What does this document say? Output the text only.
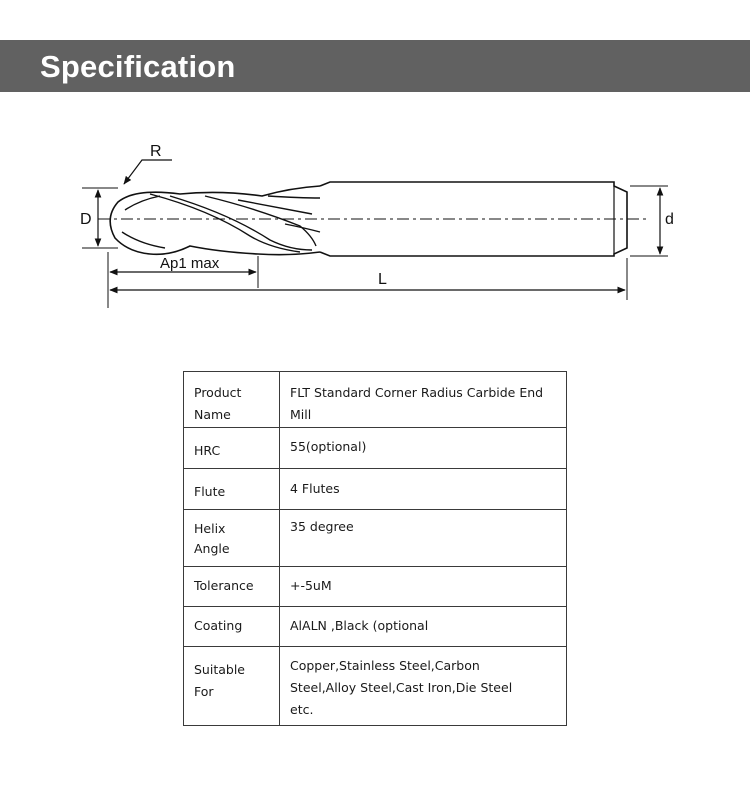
Specification
D	d
R
Ap1 max
L
Product
Name	FLT Standard Corner Radius Carbide End
Mill

HRC	55(optional)

Flute	4 Flutes

Helix
Angle	35 degree

Tolerance	+-5uM

Coating	AlALN ,Black (optional

Suitable
For	Copper,Stainless Steel,Carbon
Steel,Alloy Steel,Cast Iron,Die Steel
etc.
